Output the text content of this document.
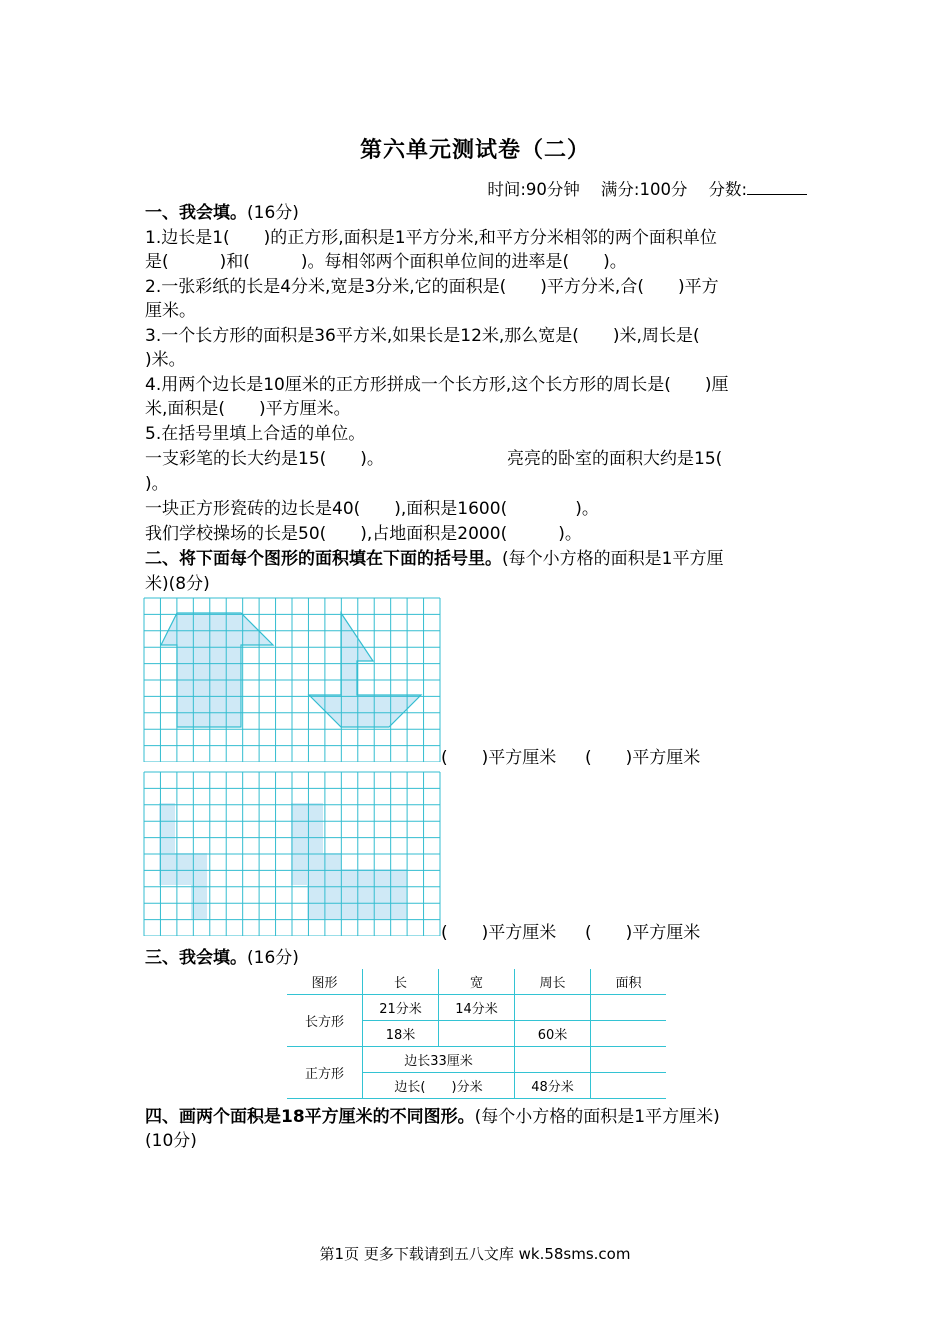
第六单元测试卷（二）
时间:90分钟 满分:100分 分数:
一、我会填。(16分)
1.边长是1(　　)的正方形,面积是1平方分米,和平方分米相邻的两个面积单位
是(　　　)和(　　　)。每相邻两个面积单位间的进率是(　　)。
2.一张彩纸的长是4分米,宽是3分米,它的面积是(　　)平方分米,合(　　)平方
厘米。
3.一个长方形的面积是36平方米,如果长是12米,那么宽是(　　)米,周长是(
)米。
4.用两个边长是10厘米的正方形拼成一个长方形,这个长方形的周长是(　　)厘
米,面积是(　　)平方厘米。
5.在括号里填上合适的单位。
一支彩笔的长大约是15(　　)。	亮亮的卧室的面积大约是15(
)。
一块正方形瓷砖的边长是40(　　),面积是1600(　　　　)。
我们学校操场的长是50(　　),占地面积是2000(　　　)。
二、将下面每个图形的面积填在下面的括号里。(每个小方格的面积是1平方厘
米)(8分)
(　　)平方厘米 (　　)平方厘米
(　　)平方厘米 (　　)平方厘米
三、我会填。(16分)
图形	长	宽	周长	面积
长方形	21分米	14分米		
	18米		60米	
正方形	边长33厘米			
	边长(　　)分米		48分米	
四、画两个面积是18平方厘米的不同图形。(每个小方格的面积是1平方厘米)
(10分)
第1页 更多下载请到五八文库 wk.58sms.com
